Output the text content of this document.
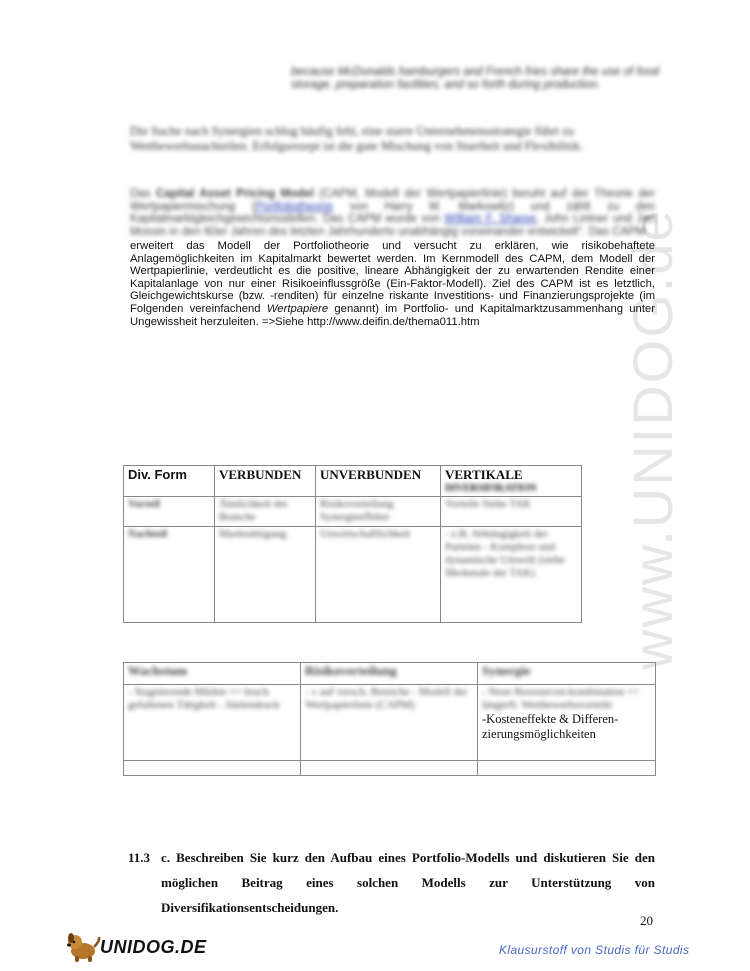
www.UNIDOG.de
because McDonalds hamburgers and French fries share the use of food storage, preparation facilities, and so forth during production.
Die Suche nach Synergien schlug häufig fehl, eine starre Unternehmensstrategie führt zu Wettbewerbsnachteilen. Erfolgsrezept ist die gute Mischung von Sturrheit und Flexibilität.
Das Capital Asset Pricing Model (CAPM, Modell der Wertpapierlinie) beruht auf der Theorie der Wertpapiermischung (Portfoliotheorie von Harry M. Markowitz) und zählt zu den Kapitalmarktgleichgewichtsmodellen. Das CAPM wurde von William F. Sharpe, John Lintner und Jan Mossin in den 60er Jahren des letzten Jahrhunderts unabhängig voneinander entwickelt". Das CAPM
erweitert das Modell der Portfoliotheorie und versucht zu erklären, wie risikobehaftete Anlagemöglichkeiten im Kapitalmarkt bewertet werden. Im Kernmodell des CAPM, dem Modell der Wertpapierlinie, verdeutlicht es die positive, lineare Abhängigkeit der zu erwartenden Rendite einer Kapitalanlage von nur einer Risikoeinflussgröße (Ein-Faktor-Modell). Ziel des CAPM ist es letztlich, Gleichgewichtskurse (bzw. -renditen) für einzelne riskante Investitions- und Finanzierungsprojekte (im Folgenden vereinfachend Wertpapiere genannt) im Portfolio- und Kapitalmarktzusammenhang unter Ungewissheit herzuleiten. =>Siehe http://www.deifin.de/thema011.htm
Div. Form	VERBUNDEN	UNVERBUNDEN	VERTIKALE
DIVERSIFIKATION

Vorteil	Ähnlichkeit der Branche	Risikoverteilung Synergieeffekte	Vorteile Siehe TAK
Nachteil	Marktsättigung	Unwirtschaftlichkeit	- z.B. Abhängigkeit der Parteien - Komplexe und dynamische Umwelt (siehe Merkmale der TAK)
Wachstum	Risikoverteilung	Synergie
- Stagnierende Märkte => brach gefallenen Tätigkeit - Aktiendruck	- » auf versch. Bereiche - Modell der Wertpapierlinie (CAPM)	- Neue Ressourcen-kombination => längerfr. Wettbewerbsvorteile
-Kosteneffekte & Differen-zierungsmöglichkeiten

11.3 c. Beschreiben Sie kurz den Aufbau eines Portfolio-Modells und diskutieren Sie den möglichen Beitrag eines solchen Modells zur Unterstützung von Diversifikationsentscheidungen.
20
UNIDOG.DE	Klausurstoff von Studis für Studis
